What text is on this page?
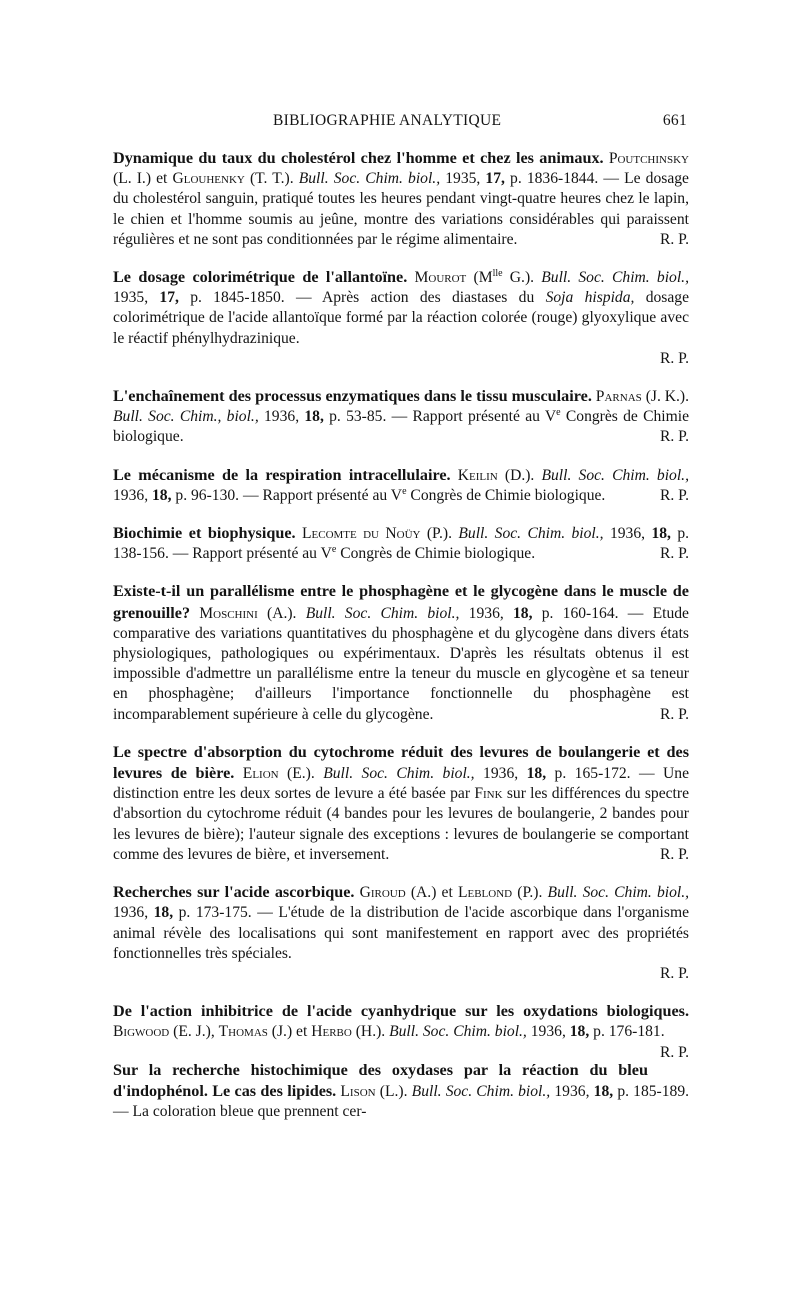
BIBLIOGRAPHIE ANALYTIQUE	661

Dynamique du taux du cholestérol chez l'homme et chez les animaux. Poutchinsky (L. I.) et Glouhenky (T. T.). Bull. Soc. Chim. biol., 1935, 17, p. 1836-1844. — Le dosage du cholestérol sanguin, pratiqué toutes les heures pendant vingt-quatre heures chez le lapin, le chien et l'homme soumis au jeûne, montre des variations considérables qui paraissent régulières et ne sont pas conditionnées par le régime alimentaire.	R. P.

Le dosage colorimétrique de l'allantoïne. Mourot ($M^{lle}$ G.). Bull. Soc. Chim. biol., 1935, 17, p. 1845-1850. — Après action des diastases du Soja hispida, dosage colorimétrique de l'acide allantoïque formé par la réaction colorée (rouge) glyoxylique avec le réactif phénylhydrazinique.
R. P.

L'enchaînement des processus enzymatiques dans le tissu musculaire. Parnas (J. K.). Bull. Soc. Chim., biol., 1936, 18, p. 53-85. — Rapport présenté au Ve Congrès de Chimie biologique.	R. P.

Le mécanisme de la respiration intracellulaire. Keilin (D.). Bull. Soc. Chim. biol., 1936, 18, p. 96-130. — Rapport présenté au Ve Congrès de Chimie biologique.	R. P.

Biochimie et biophysique. Lecomte du Noüy (P.). Bull. Soc. Chim. biol., 1936, 18, p. 138-156. — Rapport présenté au Ve Congrès de Chimie biologique.	R. P.

Existe-t-il un parallélisme entre le phosphagène et le glycogène dans le muscle de grenouille? Moschini (A.). Bull. Soc. Chim. biol., 1936, 18, p. 160-164. — Etude comparative des variations quantitatives du phosphagène et du glycogène dans divers états physiologiques, pathologiques ou expérimentaux. D'après les résultats obtenus il est impossible d'admettre un parallélisme entre la teneur du muscle en glycogène et sa teneur en phosphagène; d'ailleurs l'importance fonctionnelle du phosphagène est incomparablement supérieure à celle du glycogène.	R. P.

Le spectre d'absorption du cytochrome réduit des levures de boulangerie et des levures de bière. Elion (E.). Bull. Soc. Chim. biol., 1936, 18, p. 165-172. — Une distinction entre les deux sortes de levure a été basée par Fink sur les différences du spectre d'absortion du cytochrome réduit (4 bandes pour les levures de boulangerie, 2 bandes pour les levures de bière); l'auteur signale des exceptions : levures de boulangerie se comportant comme des levures de bière, et inversement.	R. P.

Recherches sur l'acide ascorbique. Giroud (A.) et Leblond (P.). Bull. Soc. Chim. biol., 1936, 18, p. 173-175. — L'étude de la distribution de l'acide ascorbique dans l'organisme animal révèle des localisations qui sont manifestement en rapport avec des propriétés fonctionnelles très spéciales.
R. P.

De l'action inhibitrice de l'acide cyanhydrique sur les oxydations biologiques. Bigwood (E. J.), Thomas (J.) et Herbo (H.). Bull. Soc. Chim. biol., 1936, 18, p. 176-181.
R. P.

Sur la recherche histochimique des oxydases par la réaction du bleu d'indophénol. Le cas des lipides. Lison (L.). Bull. Soc. Chim. biol., 1936, 18, p. 185-189. — La coloration bleue que prennent cer-
